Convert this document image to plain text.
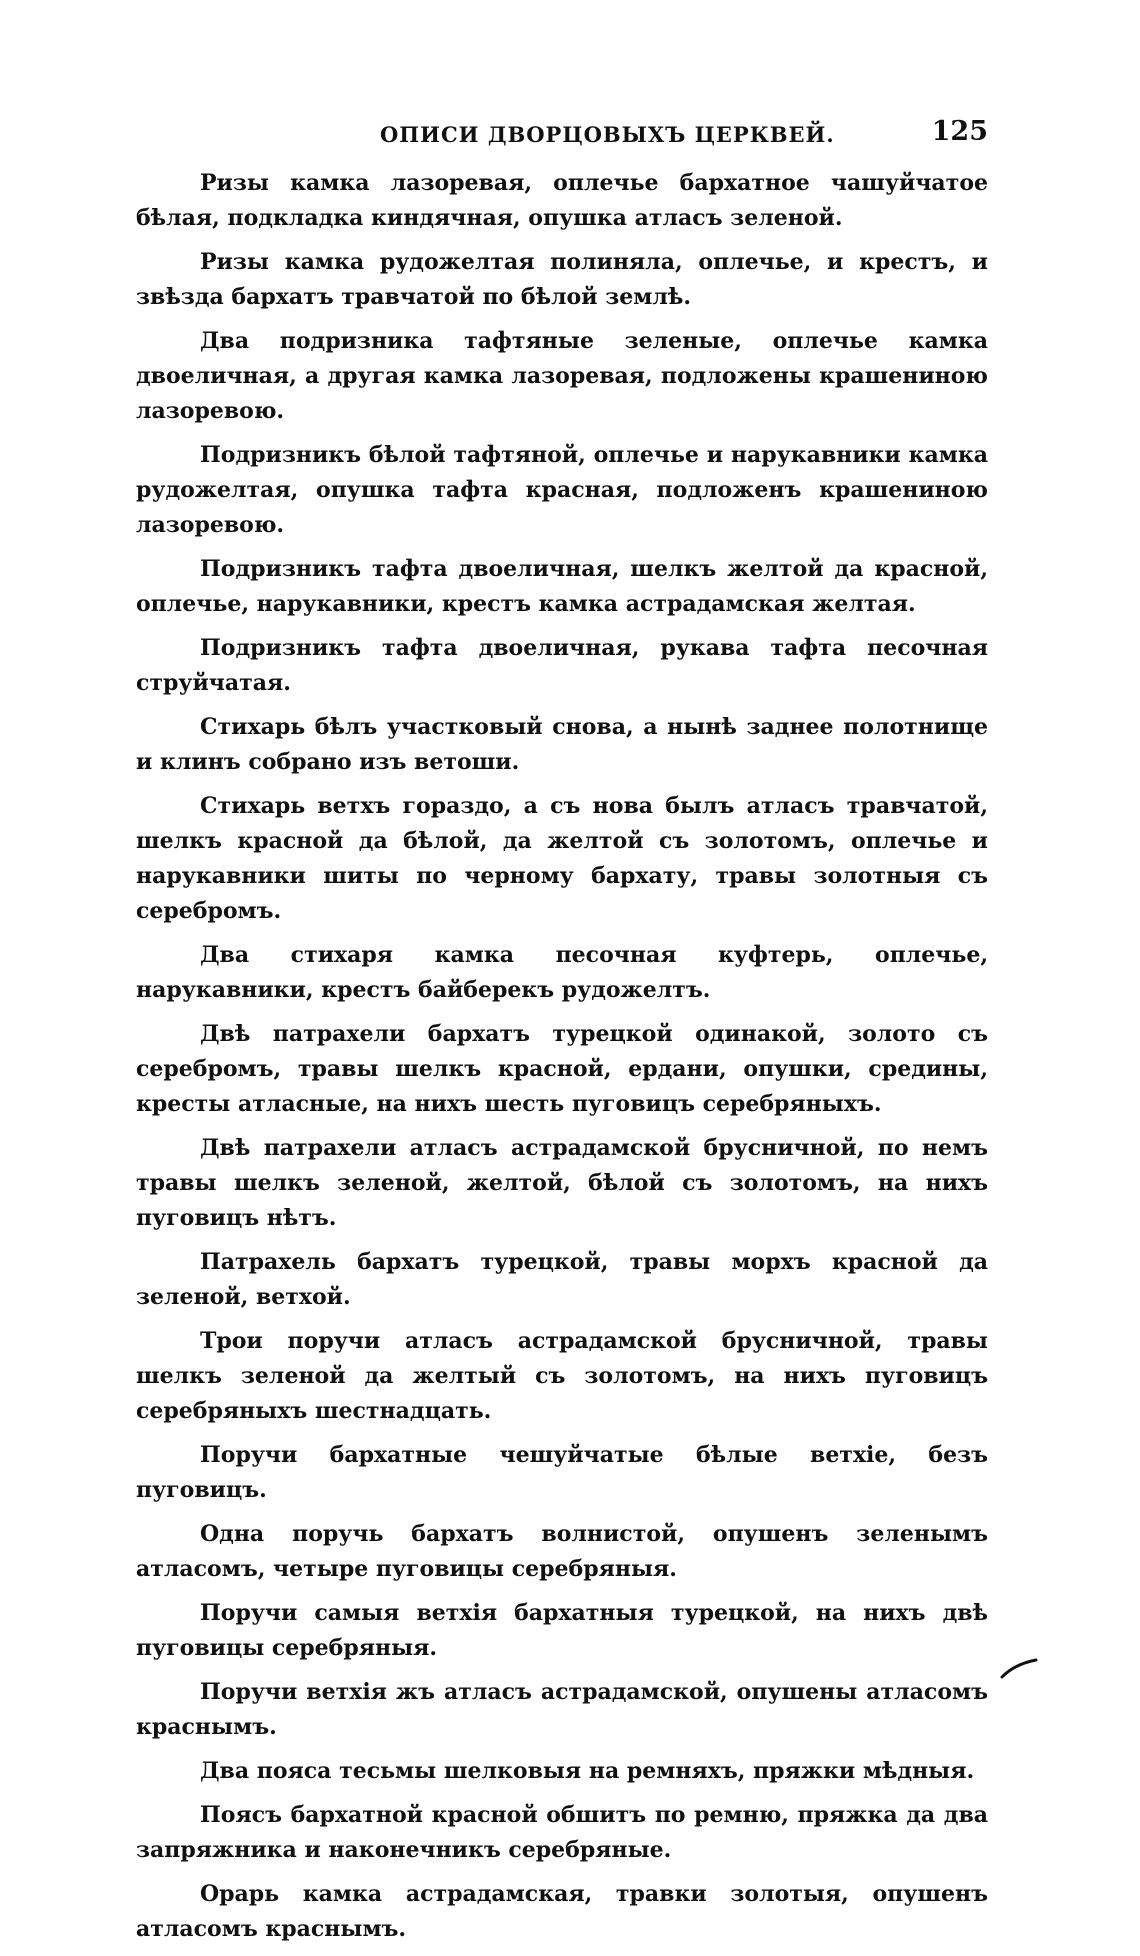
ОПИСИ ДВОРЦОВЫХЪ ЦЕРКВЕЙ.	125

Ризы камка лазоревая, оплечье бархатное чашуйчатое бѣлая, подкладка киндячная, опушка атласъ зеленой.

Ризы камка рудожелтая полиняла, оплечье, и крестъ, и звѣзда бархатъ травчатой по бѣлой землѣ.

Два подризника тафтяные зеленые, оплечье камка двоеличная, а другая камка лазоревая, подложены крашениною лазоревою.

Подризникъ бѣлой тафтяной, оплечье и нарукавники камка рудожелтая, опушка тафта красная, подложенъ крашениною лазоревою.

Подризникъ тафта двоеличная, шелкъ желтой да красной, оплечье, нарукавники, крестъ камка астрадамская желтая.

Подризникъ тафта двоеличная, рукава тафта песочная струйчатая.

Стихарь бѣлъ участковый снова, а нынѣ заднее полотнище и клинъ собрано изъ ветоши.

Стихарь ветхъ гораздо, а съ нова былъ атласъ травчатой, шелкъ красной да бѣлой, да желтой съ золотомъ, оплечье и нарукавники шиты по черному бархату, травы золотныя съ серебромъ.

Два стихаря камка песочная куфтерь, оплечье, нарукавники, крестъ байберекъ рудожелтъ.

Двѣ патрахели бархатъ турецкой одинакой, золото съ серебромъ, травы шелкъ красной, ердани, опушки, средины, кресты атласные, на нихъ шесть пуговицъ серебряныхъ.

Двѣ патрахели атласъ астрадамской брусничной, по немъ травы шелкъ зеленой, желтой, бѣлой съ золотомъ, на нихъ пуговицъ нѣтъ.

Патрахель бархатъ турецкой, травы морхъ красной да зеленой, ветхой.

Трои поручи атласъ астрадамской брусничной, травы шелкъ зеленой да желтый съ золотомъ, на нихъ пуговицъ серебряныхъ шестнадцать.

Поручи бархатные чешуйчатые бѣлые ветхіе, безъ пуговицъ.

Одна поручь бархатъ волнистой, опушенъ зеленымъ атласомъ, четыре пуговицы серебряныя.

Поручи самыя ветхія бархатныя турецкой, на нихъ двѣ пуговицы серебряныя.

Поручи ветхія жъ атласъ астрадамской, опушены атласомъ краснымъ.

Два пояса тесьмы шелковыя на ремняхъ, пряжки мѣдныя.

Поясъ бархатной красной обшитъ по ремню, пряжка да два запряжника и наконечникъ серебряные.

Орарь камка астрадамская, травки золотыя, опушенъ атласомъ краснымъ.
